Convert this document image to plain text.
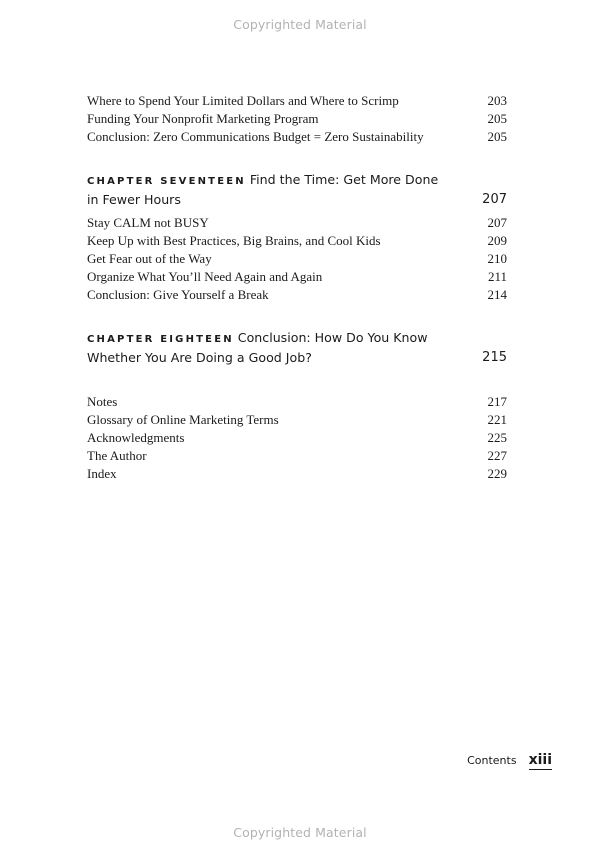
Copyrighted Material
Where to Spend Your Limited Dollars and Where to Scrimp	203
Funding Your Nonprofit Marketing Program	205
Conclusion: Zero Communications Budget = Zero Sustainability	205
CHAPTER SEVENTEEN Find the Time: Get More Done in Fewer Hours	207
Stay CALM not BUSY	207
Keep Up with Best Practices, Big Brains, and Cool Kids	209
Get Fear out of the Way	210
Organize What You’ll Need Again and Again	211
Conclusion: Give Yourself a Break	214
CHAPTER EIGHTEEN Conclusion: How Do You Know Whether You Are Doing a Good Job?	215
Notes	217
Glossary of Online Marketing Terms	221
Acknowledgments	225
The Author	227
Index	229
Contents xiii
Copyrighted Material
